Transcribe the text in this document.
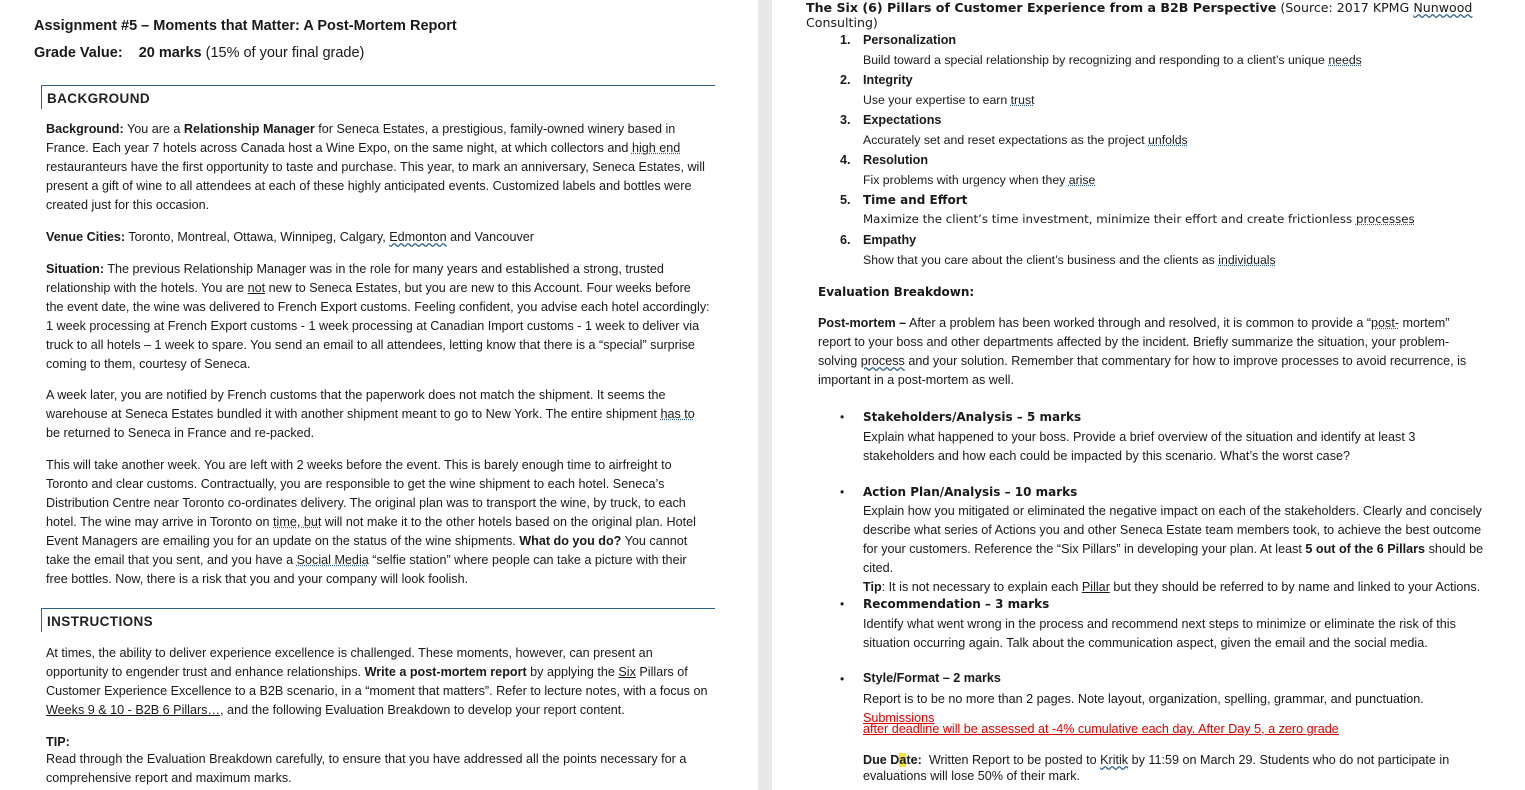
Assignment #5 – Moments that Matter: A Post-Mortem Report
Grade Value: 20 marks (15% of your final grade)
BACKGROUND
Background: You are a Relationship Manager for Seneca Estates, a prestigious, family-owned winery based in France. Each year 7 hotels across Canada host a Wine Expo, on the same night, at which collectors and high end restauranteurs have the first opportunity to taste and purchase. This year, to mark an anniversary, Seneca Estates, will present a gift of wine to all attendees at each of these highly anticipated events. Customized labels and bottles were created just for this occasion.
Venue Cities: Toronto, Montreal, Ottawa, Winnipeg, Calgary, Edmonton and Vancouver
Situation: The previous Relationship Manager was in the role for many years and established a strong, trusted relationship with the hotels. You are not new to Seneca Estates, but you are new to this Account. Four weeks before the event date, the wine was delivered to French Export customs. Feeling confident, you advise each hotel accordingly: 1 week processing at French Export customs - 1 week processing at Canadian Import customs - 1 week to deliver via truck to all hotels – 1 week to spare. You send an email to all attendees, letting know that there is a “special” surprise coming to them, courtesy of Seneca.
A week later, you are notified by French customs that the paperwork does not match the shipment. It seems the warehouse at Seneca Estates bundled it with another shipment meant to go to New York. The entire shipment has to be returned to Seneca in France and re-packed.
This will take another week. You are left with 2 weeks before the event. This is barely enough time to airfreight to Toronto and clear customs. Contractually, you are responsible to get the wine shipment to each hotel. Seneca’s Distribution Centre near Toronto co-ordinates delivery. The original plan was to transport the wine, by truck, to each hotel. The wine may arrive in Toronto on time, but will not make it to the other hotels based on the original plan. Hotel Event Managers are emailing you for an update on the status of the wine shipments. What do you do? You cannot take the email that you sent, and you have a Social Media “selfie station” where people can take a picture with their free bottles. Now, there is a risk that you and your company will look foolish.
INSTRUCTIONS
At times, the ability to deliver experience excellence is challenged. These moments, however, can present an opportunity to engender trust and enhance relationships. Write a post-mortem report by applying the Six Pillars of Customer Experience Excellence to a B2B scenario, in a “moment that matters”. Refer to lecture notes, with a focus on Weeks 9 & 10 - B2B 6 Pillars…, and the following Evaluation Breakdown to develop your report content.
TIP:
Read through the Evaluation Breakdown carefully, to ensure that you have addressed all the points necessary for a comprehensive report and maximum marks.
The Six (6) Pillars of Customer Experience from a B2B Perspective (Source: 2017 KPMG Nunwood Consulting)
1. Personalization
Build toward a special relationship by recognizing and responding to a client’s unique needs
2. Integrity
Use your expertise to earn trust
3. Expectations
Accurately set and reset expectations as the project unfolds
4. Resolution
Fix problems with urgency when they arise
5. Time and Effort
Maximize the client’s time investment, minimize their effort and create frictionless processes
6. Empathy
Show that you care about the client’s business and the clients as individuals
Evaluation Breakdown:
Post-mortem – After a problem has been worked through and resolved, it is common to provide a “post- mortem” report to your boss and other departments affected by the incident. Briefly summarize the situation, your problem-solving process and your solution. Remember that commentary for how to improve processes to avoid recurrence, is important in a post-mortem as well.
• Stakeholders/Analysis – 5 marks
Explain what happened to your boss. Provide a brief overview of the situation and identify at least 3 stakeholders and how each could be impacted by this scenario. What’s the worst case?
• Action Plan/Analysis – 10 marks
Explain how you mitigated or eliminated the negative impact on each of the stakeholders. Clearly and concisely describe what series of Actions you and other Seneca Estate team members took, to achieve the best outcome for your customers. Reference the “Six Pillars” in developing your plan. At least 5 out of the 6 Pillars should be cited.
Tip: It is not necessary to explain each Pillar but they should be referred to by name and linked to your Actions.
• Recommendation – 3 marks
Identify what went wrong in the process and recommend next steps to minimize or eliminate the risk of this situation occurring again. Talk about the communication aspect, given the email and the social media.
• Style/Format – 2 marks
Report is to be no more than 2 pages. Note layout, organization, spelling, grammar, and punctuation. Submissions
after deadline will be assessed at -4% cumulative each day. After Day 5, a zero grade
Due Date: Written Report to be posted to Kritik by 11:59 on March 29. Students who do not participate in evaluations will lose 50% of their mark.
